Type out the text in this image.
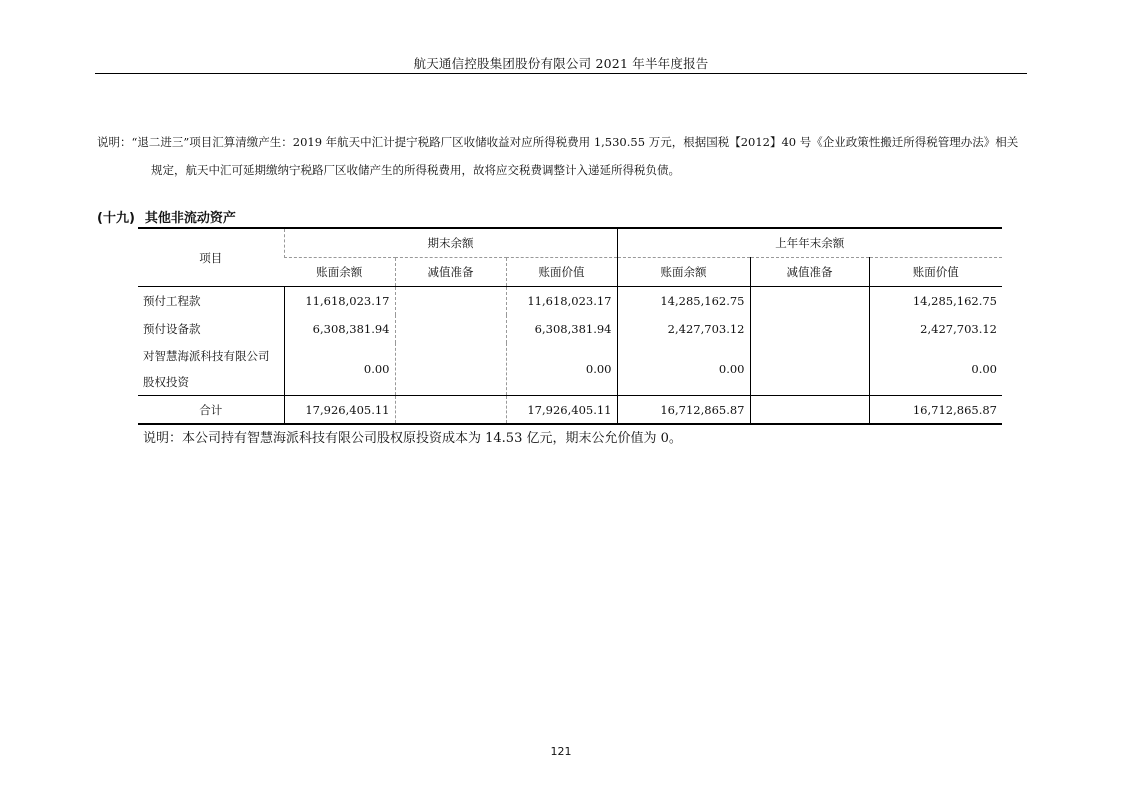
航天通信控股集团股份有限公司 2021 年半年度报告
说明：“退二进三”项目汇算清缴产生：2019 年航天中汇计提宁税路厂区收储收益对应所得税费用 1,530.55 万元，根据国税【2012】40 号《企业政策性搬迁所得税管理办法》相关
规定，航天中汇可延期缴纳宁税路厂区收储产生的所得税费用，故将应交税费调整计入递延所得税负债。
(十九) 其他非流动资产
项目	期末余额			上年年末余额		
	账面余额	减值准备	账面价值	账面余额	减值准备	账面价值
预付工程款	11,618,023.17		11,618,023.17	14,285,162.75		14,285,162.75
预付设备款	6,308,381.94		6,308,381.94	2,427,703.12		2,427,703.12

对智慧海派科技有限公司
股权投资	0.00		0.00	0.00		0.00

合计	17,926,405.11		17,926,405.11	16,712,865.87		16,712,865.87
说明：本公司持有智慧海派科技有限公司股权原投资成本为 14.53 亿元，期末公允价值为 0。
121
